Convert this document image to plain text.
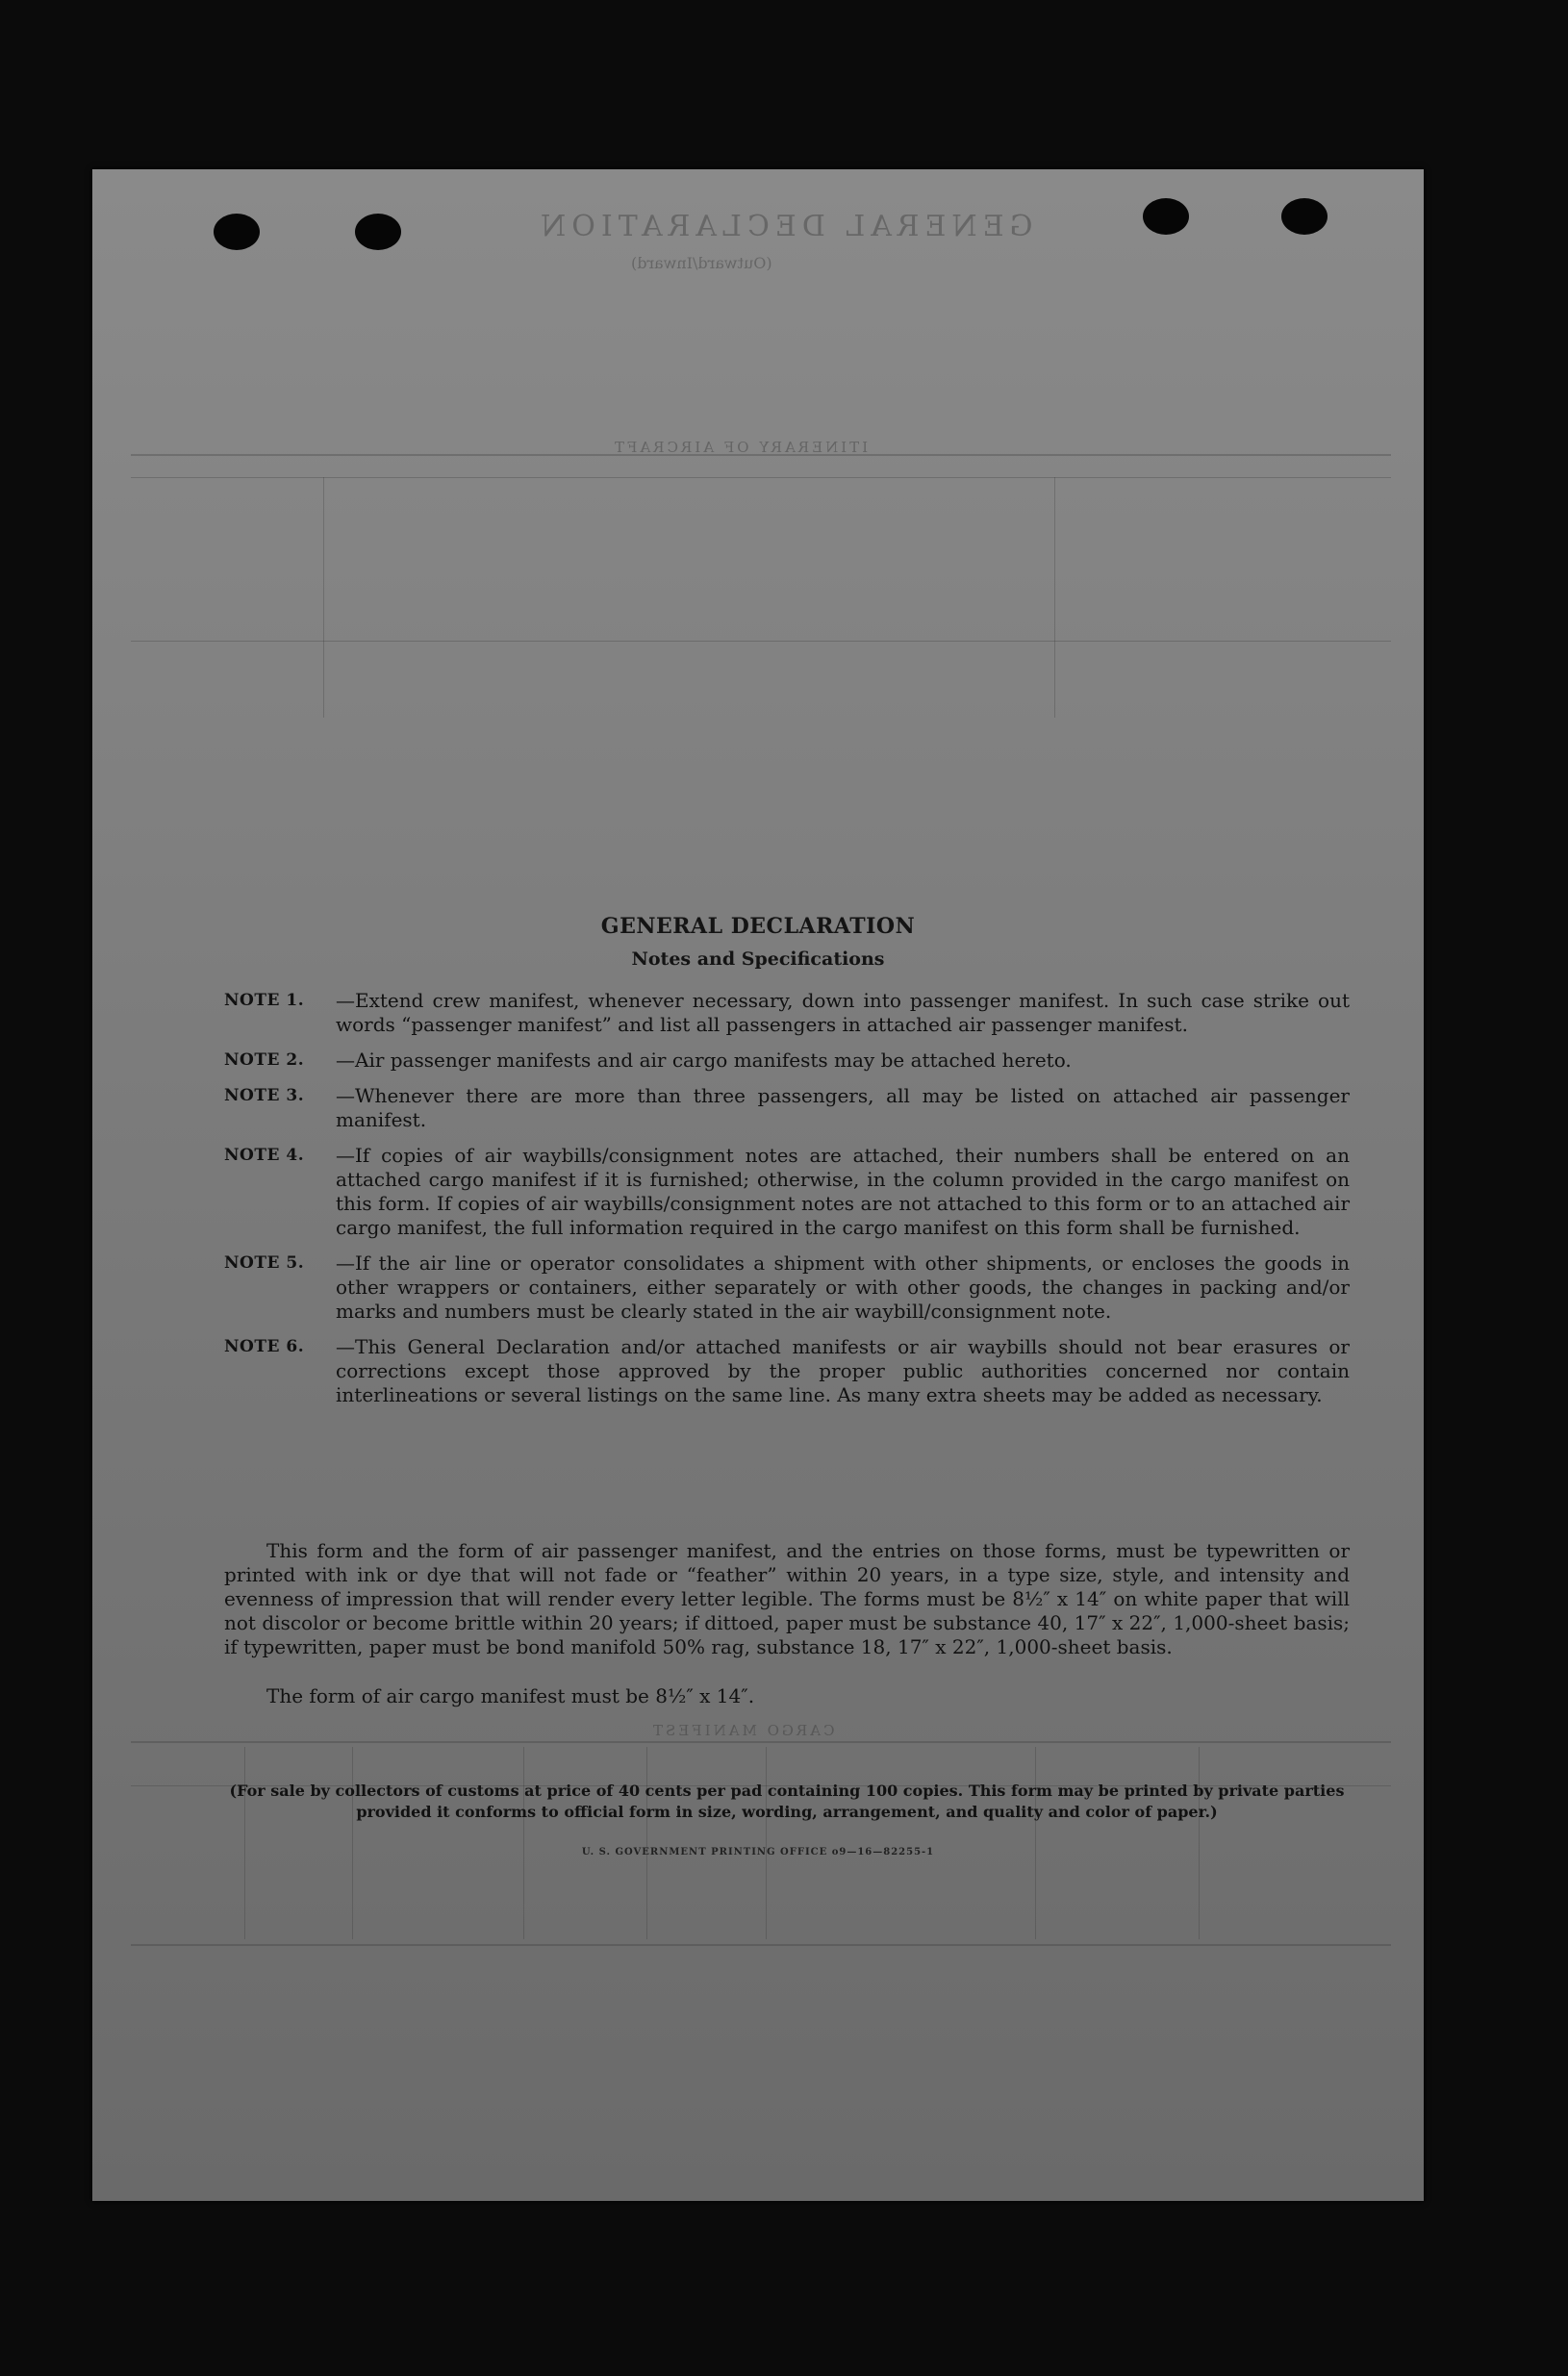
GENERAL DECLARATION
(Outward/Inward)
ITINERARY OF AIRCRAFT
CARGO MANIFEST
GENERAL DECLARATION
Notes and Specifications
NOTE 1.	—Extend crew manifest, whenever necessary, down into passenger manifest. In such case strike out words “passenger manifest” and list all passengers in attached air passenger manifest.
NOTE 2.	—Air passenger manifests and air cargo manifests may be attached hereto.
NOTE 3.	—Whenever there are more than three passengers, all may be listed on attached air passenger manifest.
NOTE 4.	—If copies of air waybills/consignment notes are attached, their numbers shall be entered on an attached cargo manifest if it is furnished; otherwise, in the column provided in the cargo manifest on this form. If copies of air waybills/consignment notes are not attached to this form or to an attached air cargo manifest, the full information required in the cargo manifest on this form shall be furnished.
NOTE 5.	—If the air line or operator consolidates a shipment with other shipments, or encloses the goods in other wrappers or containers, either separately or with other goods, the changes in packing and/or marks and numbers must be clearly stated in the air waybill/consignment note.
NOTE 6.	—This General Declaration and/or attached manifests or air waybills should not bear erasures or corrections except those approved by the proper public authorities concerned nor contain interlineations or several listings on the same line. As many extra sheets may be added as necessary.
This form and the form of air passenger manifest, and the entries on those forms, must be typewritten or printed with ink or dye that will not fade or “feather” within 20 years, in a type size, style, and intensity and evenness of impression that will render every letter legible. The forms must be 8½″ x 14″ on white paper that will not discolor or become brittle within 20 years; if dittoed, paper must be substance 40, 17″ x 22″, 1,000-sheet basis; if typewritten, paper must be bond manifold 50% rag, substance 18, 17″ x 22″, 1,000-sheet basis.
The form of air cargo manifest must be 8½″ x 14″.
(For sale by collectors of customs at price of 40 cents per pad containing 100 copies. This form may be printed by private parties provided it conforms to official form in size, wording, arrangement, and quality and color of paper.)
U. S. GOVERNMENT PRINTING OFFICE o9—16—82255-1
